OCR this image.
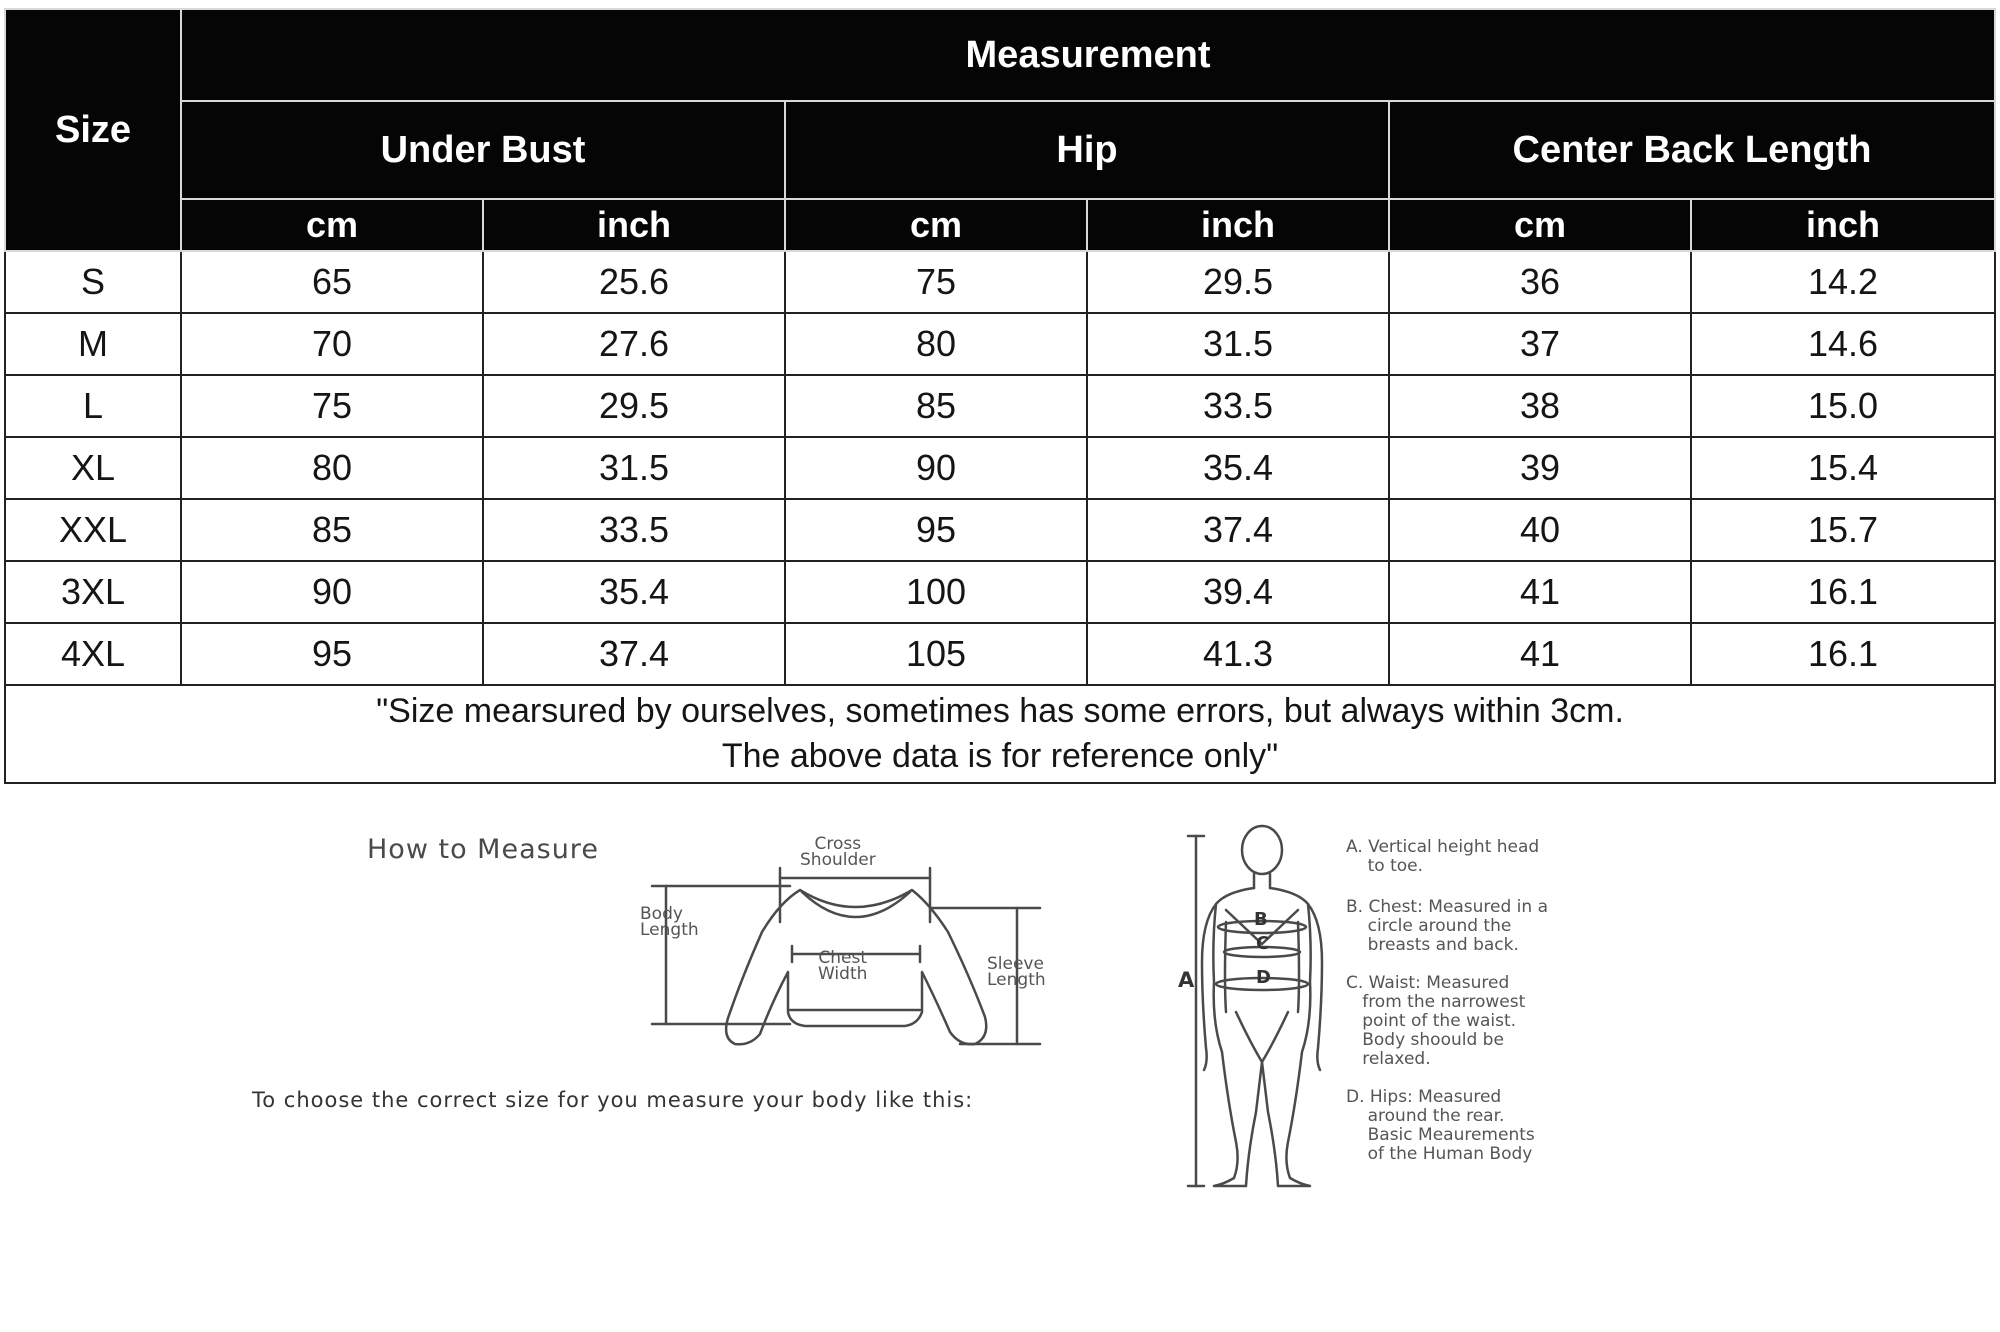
Size	Measurement					
	Under Bust		Hip		Center Back Length	
	cm	inch	cm	inch	cm	inch
S	65	25.6	75	29.5	36	14.2
M	70	27.6	80	31.5	37	14.6
L	75	29.5	85	33.5	38	15.0
XL	80	31.5	90	35.4	39	15.4
XXL	85	33.5	95	37.4	40	15.7
3XL	90	35.4	100	39.4	41	16.1
4XL	95	37.4	105	41.3	41	16.1
"Size mearsured by ourselves, sometimes has some errors, but always within 3cm.
The above data is for reference only"						
How to Measure	Cross
Shoulder
Body
Length
Chest
Width	Sleeve
Length
To choose the correct size for you measure your body like this:
A
B
C
D
A. Vertical height head
to toe.
B. Chest: Measured in a
circle around the
breasts and back.
C. Waist: Measured
from the narrowest
point of the waist.
Body shoould be
relaxed.
D. Hips: Measured
around the rear.
Basic Meaurements
of the Human Body
